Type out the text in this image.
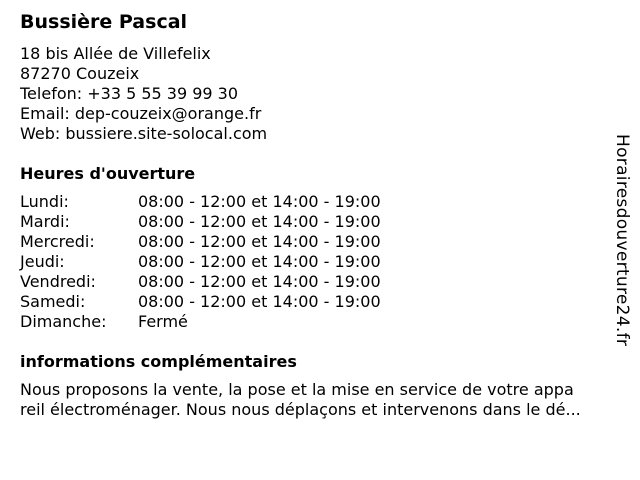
Bussière Pascal
18 bis Allée de Villefelix
87270 Couzeix
Telefon: +33 5 55 39 99 30
Email: dep-couzeix@orange.fr
Web: bussiere.site-solocal.com
Heures d'ouverture
Lundi:	08:00 - 12:00 et 14:00 - 19:00
Mardi:	08:00 - 12:00 et 14:00 - 19:00
Mercredi:	08:00 - 12:00 et 14:00 - 19:00
Jeudi:	08:00 - 12:00 et 14:00 - 19:00
Vendredi:	08:00 - 12:00 et 14:00 - 19:00
Samedi:	08:00 - 12:00 et 14:00 - 19:00
Dimanche:	Fermé
informations complémentaires
Nous proposons la vente, la pose et la mise en service de votre appa
reil électroménager. Nous nous déplaçons et intervenons dans le dé...
Horairesdouverture24.fr
